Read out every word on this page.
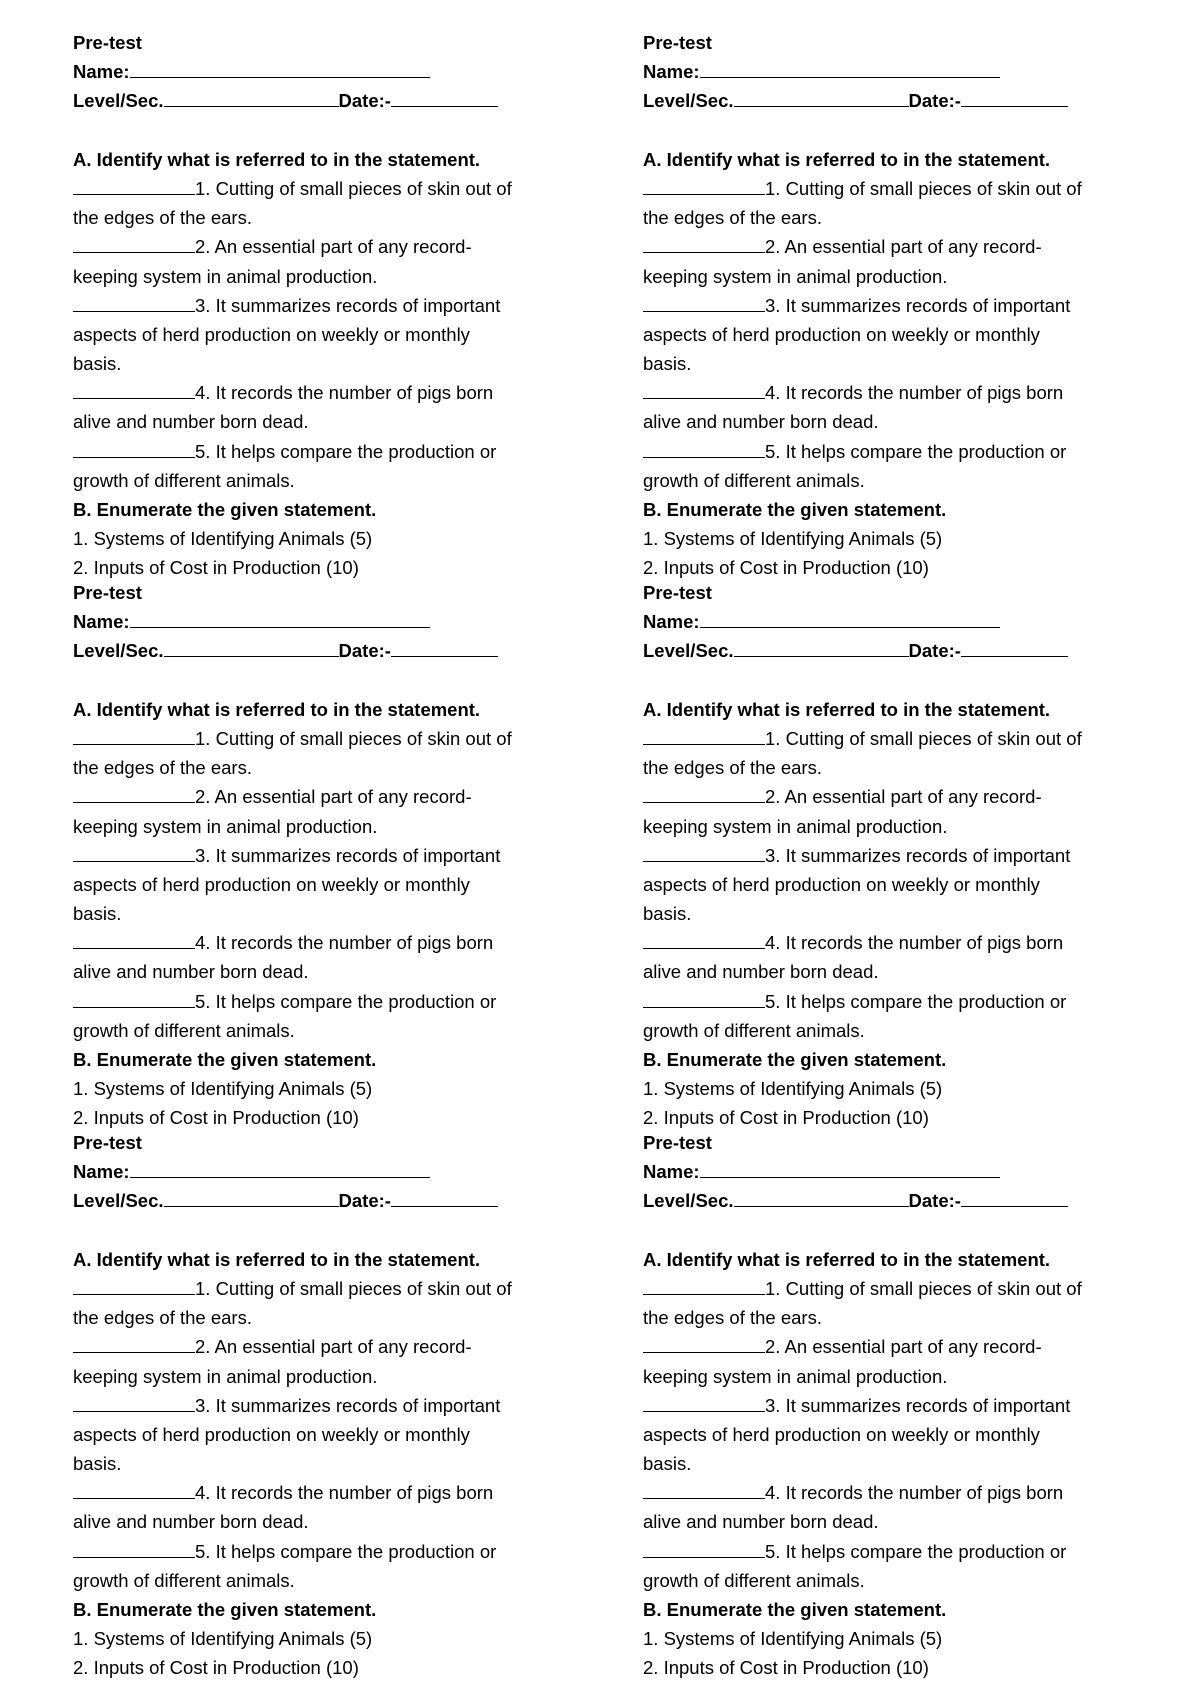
Pre-test
Name:
Level/Sec.	Date:-
A. Identify what is referred to in the statement.
1. Cutting of small pieces of skin out of
the edges of the ears.
2. An essential part of any record-
keeping system in animal production.
3. It summarizes records of important
aspects of herd production on weekly or monthly
basis.
4. It records the number of pigs born
alive and number born dead.
5. It helps compare the production or
growth of different animals.
B. Enumerate the given statement.
1. Systems of Identifying Animals (5)
2. Inputs of Cost in Production (10)
Pre-test
Name:
Level/Sec.	Date:-
A. Identify what is referred to in the statement.
1. Cutting of small pieces of skin out of
the edges of the ears.
2. An essential part of any record-
keeping system in animal production.
3. It summarizes records of important
aspects of herd production on weekly or monthly
basis.
4. It records the number of pigs born
alive and number born dead.
5. It helps compare the production or
growth of different animals.
B. Enumerate the given statement.
1. Systems of Identifying Animals (5)
2. Inputs of Cost in Production (10)
Pre-test
Name:
Level/Sec.	Date:-
A. Identify what is referred to in the statement.
1. Cutting of small pieces of skin out of
the edges of the ears.
2. An essential part of any record-
keeping system in animal production.
3. It summarizes records of important
aspects of herd production on weekly or monthly
basis.
4. It records the number of pigs born
alive and number born dead.
5. It helps compare the production or
growth of different animals.
B. Enumerate the given statement.
1. Systems of Identifying Animals (5)
2. Inputs of Cost in Production (10)
Pre-test
Name:
Level/Sec.	Date:-
A. Identify what is referred to in the statement.
1. Cutting of small pieces of skin out of
the edges of the ears.
2. An essential part of any record-
keeping system in animal production.
3. It summarizes records of important
aspects of herd production on weekly or monthly
basis.
4. It records the number of pigs born
alive and number born dead.
5. It helps compare the production or
growth of different animals.
B. Enumerate the given statement.
1. Systems of Identifying Animals (5)
2. Inputs of Cost in Production (10)
Pre-test
Name:
Level/Sec.	Date:-
A. Identify what is referred to in the statement.
1. Cutting of small pieces of skin out of
the edges of the ears.
2. An essential part of any record-
keeping system in animal production.
3. It summarizes records of important
aspects of herd production on weekly or monthly
basis.
4. It records the number of pigs born
alive and number born dead.
5. It helps compare the production or
growth of different animals.
B. Enumerate the given statement.
1. Systems of Identifying Animals (5)
2. Inputs of Cost in Production (10)
Pre-test
Name:
Level/Sec.	Date:-
A. Identify what is referred to in the statement.
1. Cutting of small pieces of skin out of
the edges of the ears.
2. An essential part of any record-
keeping system in animal production.
3. It summarizes records of important
aspects of herd production on weekly or monthly
basis.
4. It records the number of pigs born
alive and number born dead.
5. It helps compare the production or
growth of different animals.
B. Enumerate the given statement.
1. Systems of Identifying Animals (5)
2. Inputs of Cost in Production (10)
